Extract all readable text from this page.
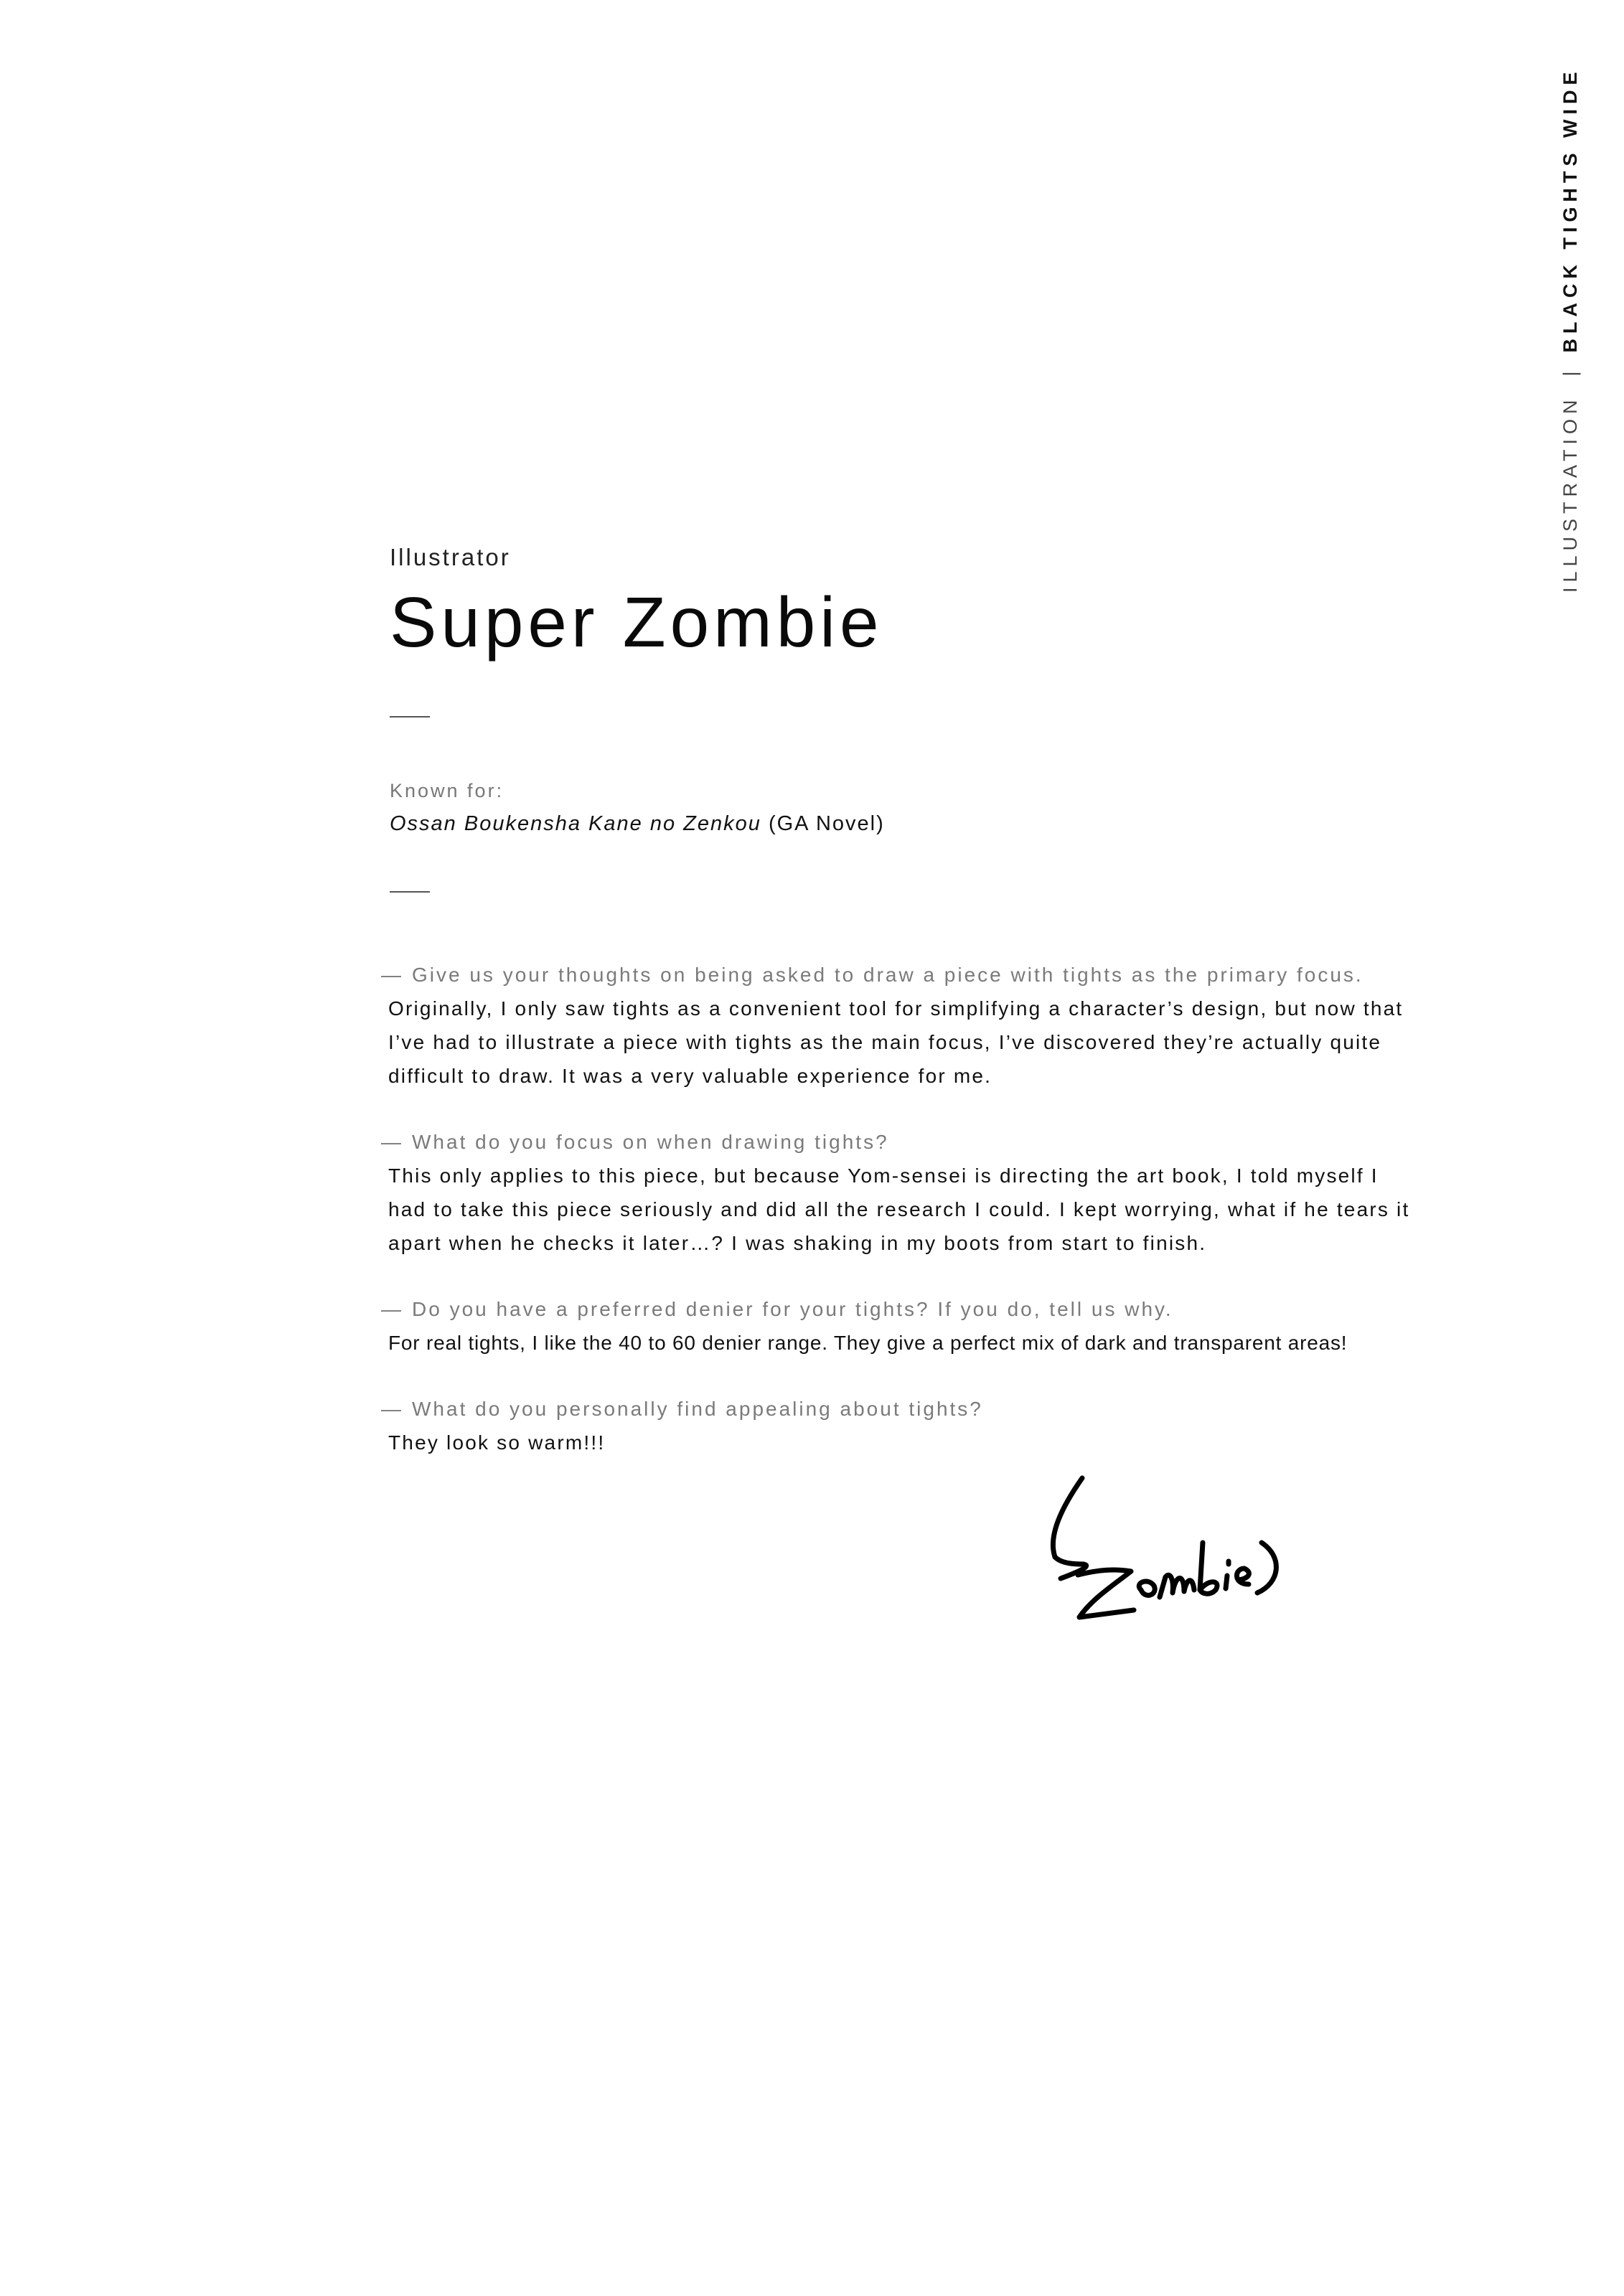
ILLUSTRATION
|
BLACK TIGHTS WIDE

Illustrator

Super Zombie
Known for:
Ossan Boukensha Kane no Zenkou (GA Novel)
— Give us your thoughts on being asked to draw a piece with tights as the primary focus.
Originally, I only saw tights as a convenient tool for simplifying a character’s design, but now that I’ve had to illustrate a piece with tights as the main focus, I’ve discovered they’re actually quite difficult to draw. It was a very valuable experience for me.
— What do you focus on when drawing tights?
This only applies to this piece, but because Yom-sensei is directing the art book, I told myself I had to take this piece seriously and did all the research I could. I kept worrying, what if he tears it apart when he checks it later…? I was shaking in my boots from start to finish.
— Do you have a preferred denier for your tights? If you do, tell us why.
For real tights, I like the 40 to 60 denier range. They give a perfect mix of dark and transparent areas!
— What do you personally find appealing about tights?
They look so warm!!!
